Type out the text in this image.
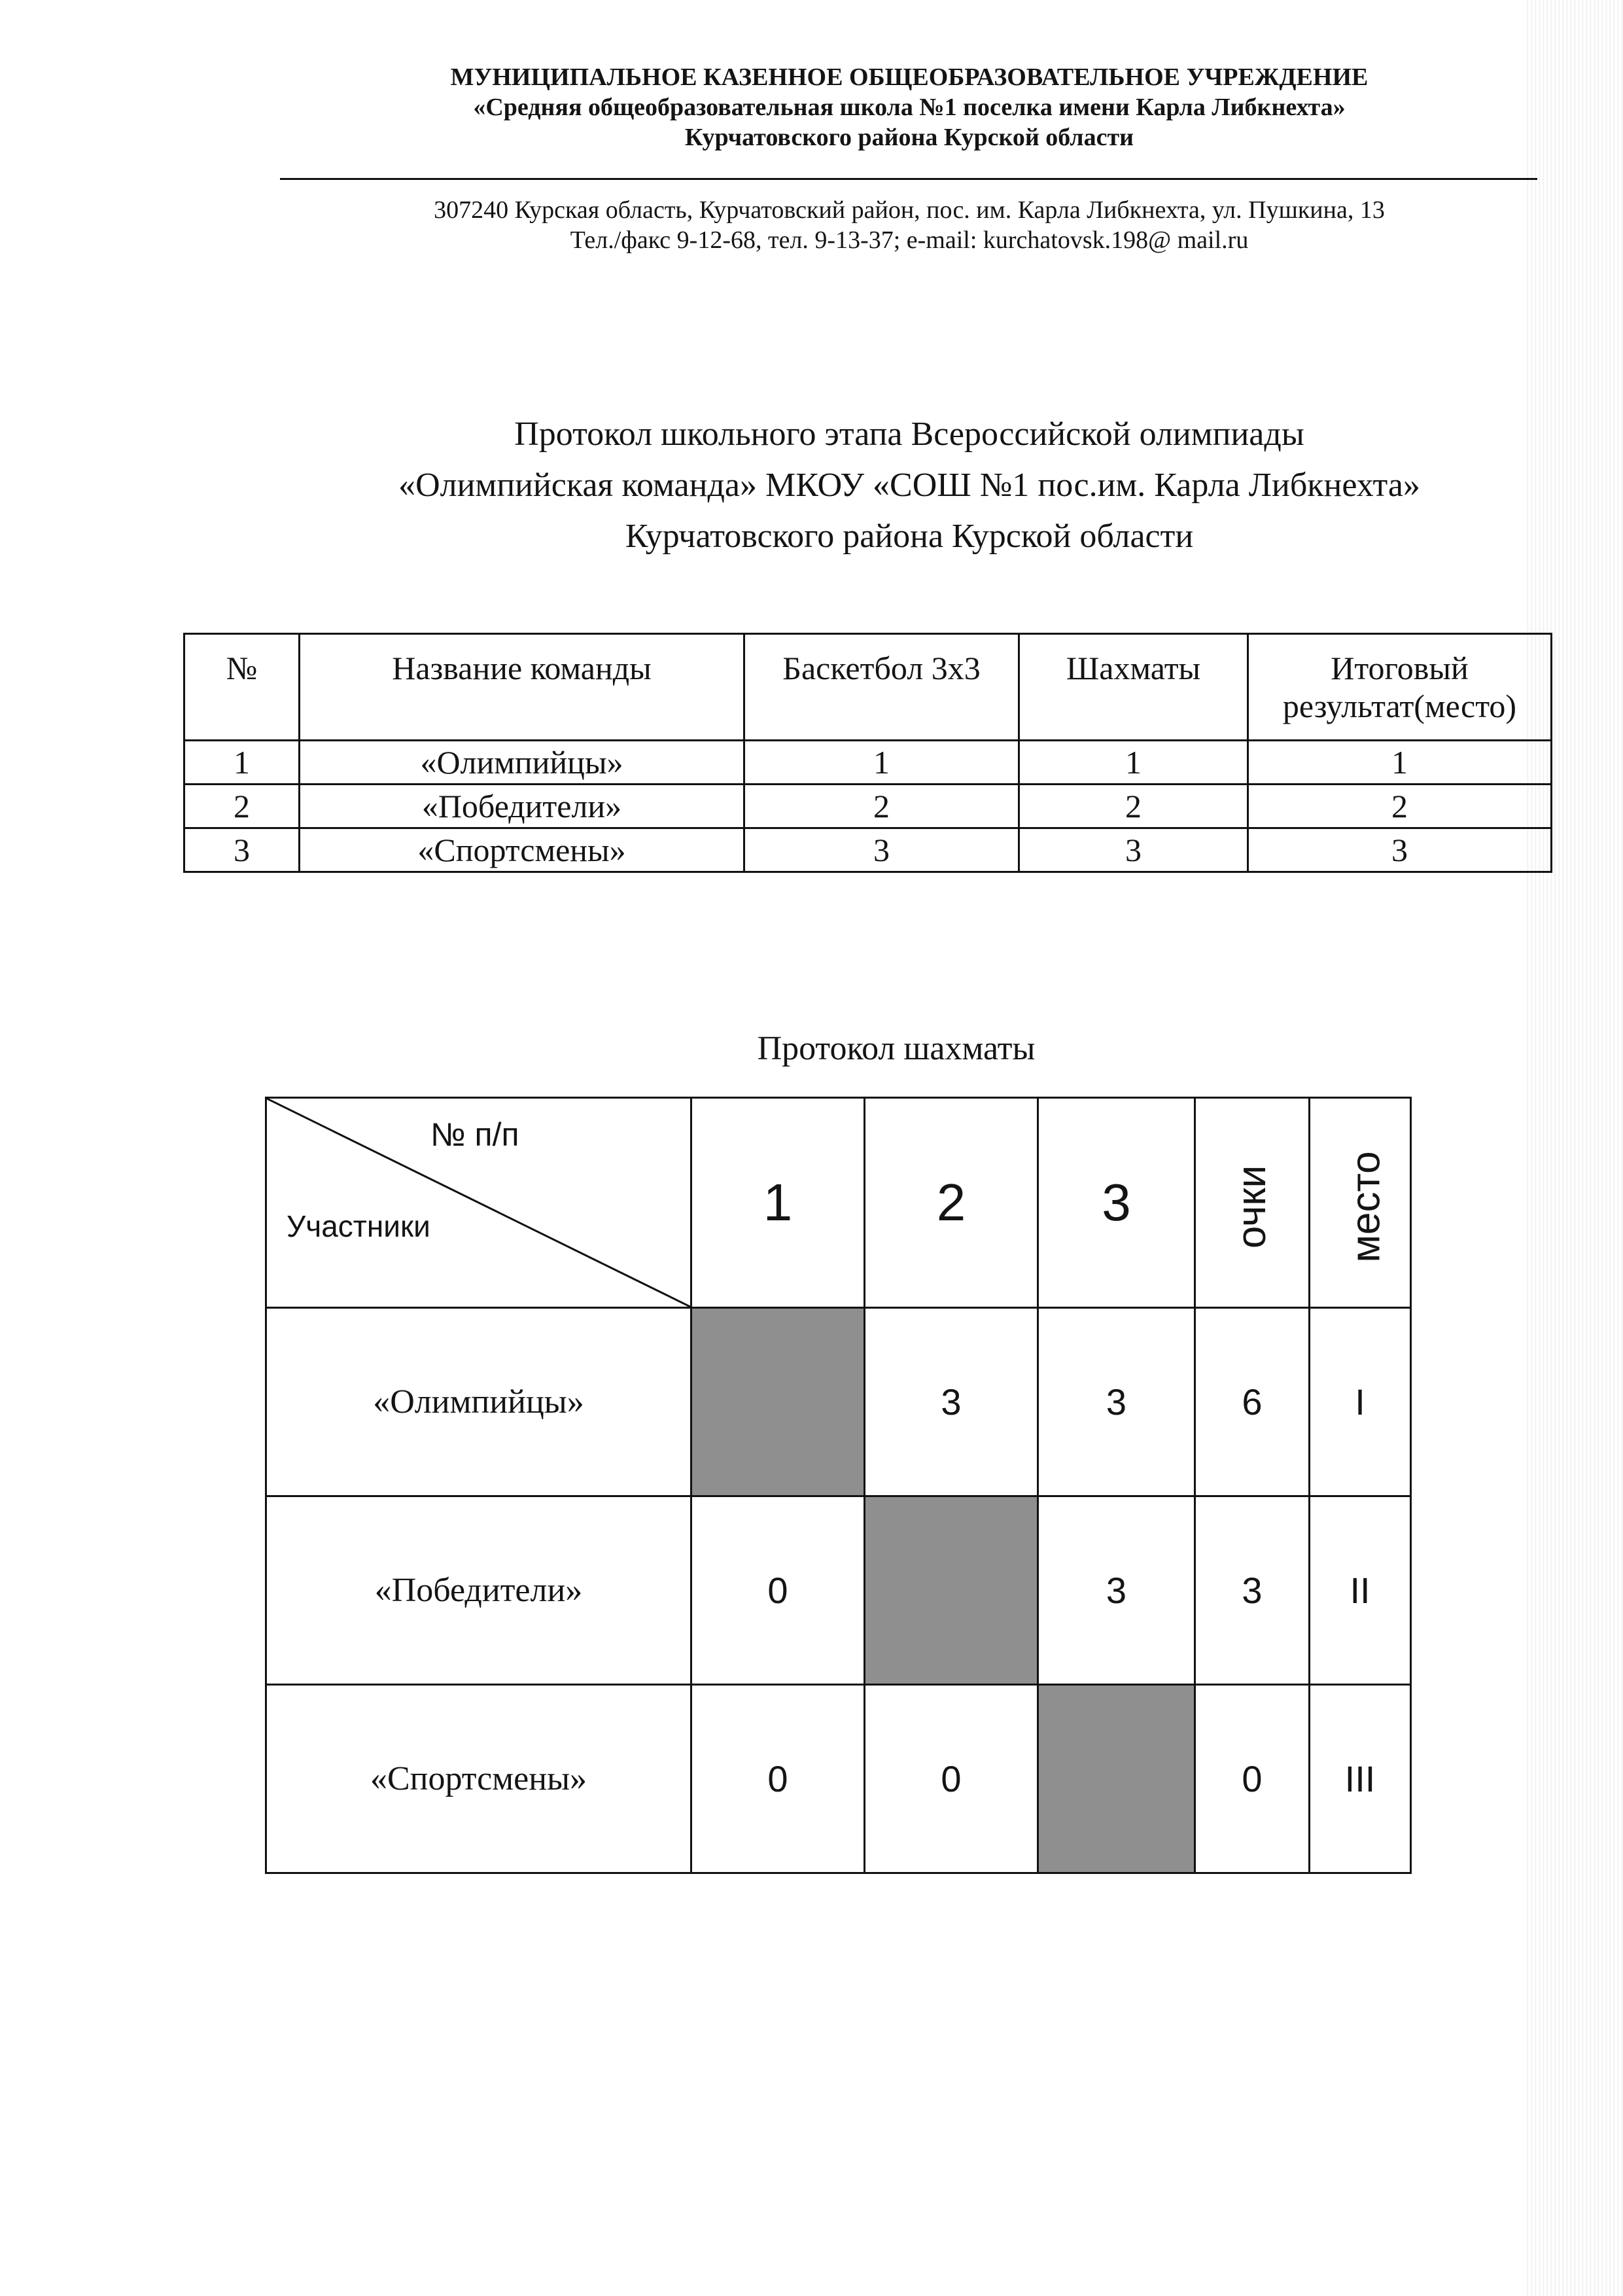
МУНИЦИПАЛЬНОЕ КАЗЕННОЕ ОБЩЕОБРАЗОВАТЕЛЬНОЕ УЧРЕЖДЕНИЕ
«Средняя общеобразовательная школа №1 поселка имени Карла Либкнехта»
Курчатовского района Курской области
307240 Курская область, Курчатовский район, пос. им. Карла Либкнехта, ул. Пушкина, 13
Тел./факс 9-12-68, тел. 9-13-37; e-mail: kurchatovsk.198@ mail.ru
Протокол школьного этапа Всероссийской олимпиады
«Олимпийская команда» МКОУ «СОШ №1 пос.им. Карла Либкнехта»
Курчатовского района Курской области
№	Название команды	Баскетбол 3х3	Шахматы	Итоговый результат(место)
1	«Олимпийцы»	1	1	1
2	«Победители»	2	2	2
3	«Спортсмены»	3	3	3
Протокол шахматы
№ п/п
Участники	1	2	3	очки	место
«Олимпийцы»		3	3	6	I
«Победители»	0		3	3	II
«Спортсмены»	0	0		0	III
